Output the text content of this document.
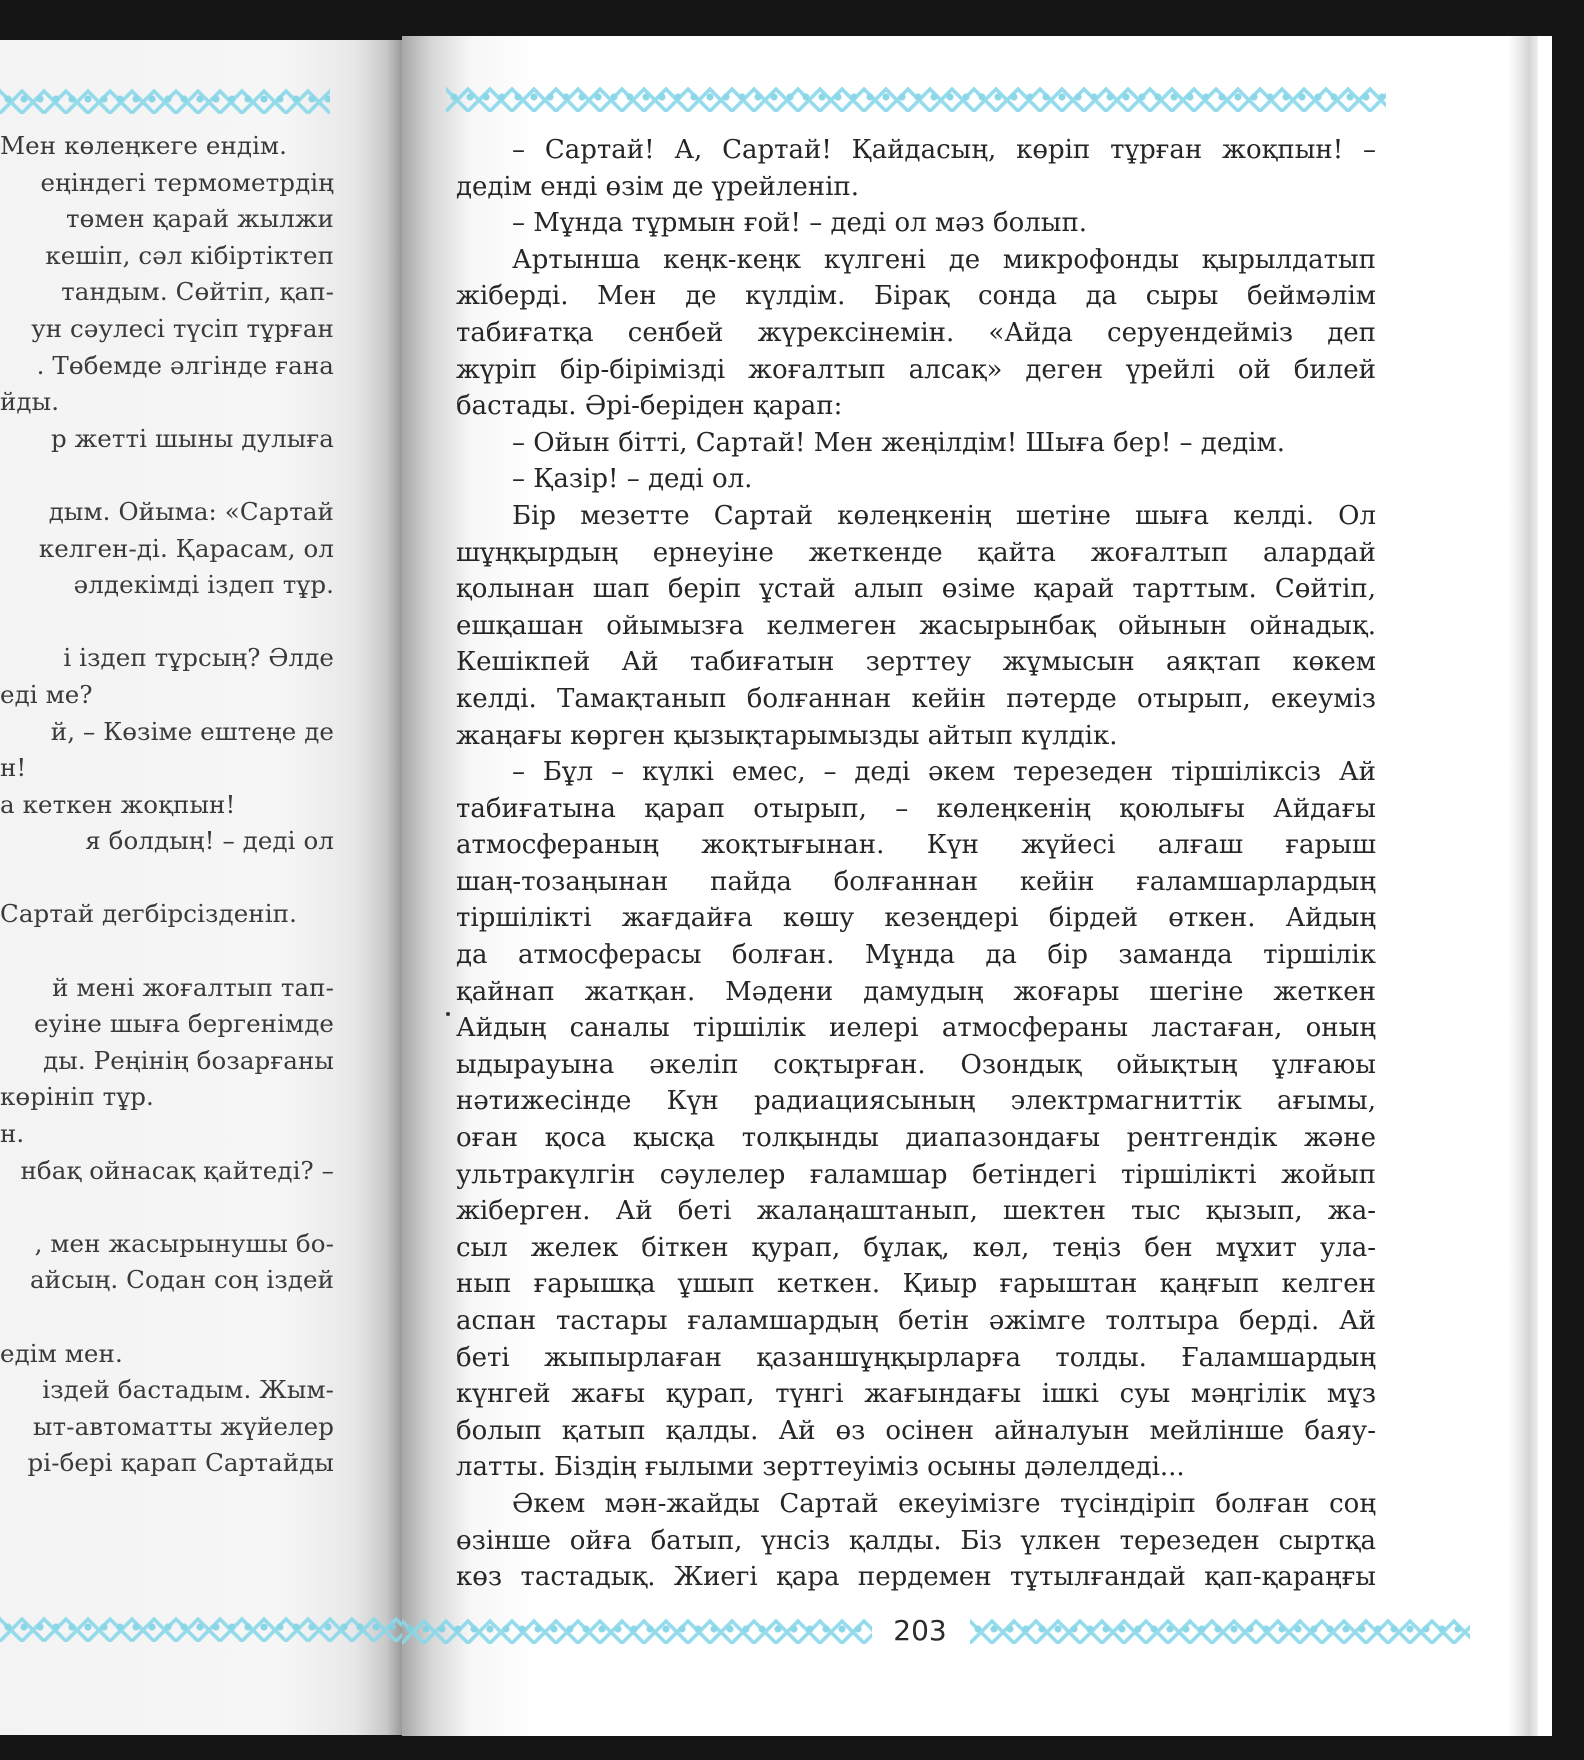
Мен көлеңкеге ендім.
еңіндегі термометрдің
төмен қарай жылжи
кешіп, сәл кібіртіктеп
тандым. Сөйтіп, қап-
ун сәулесі түсіп тұрған
. Төбемде әлгінде ғана
йды.
р жетті шыны дулыға
дым. Ойыма: «Сартай
келген-ді. Қарасам, ол
әлдекімді іздеп тұр.
і іздеп тұрсың? Әлде
еді ме?
й, – Көзіме ештеңе де
н!
а кеткен жоқпын!
я болдың! – деді ол
Сартай дегбірсізденіп.
й мені жоғалтып тап-
еуіне шыға бергенімде
ды. Реңінің бозарғаны
көрініп тұр.
н.
нбақ ойнасақ қайтеді? –
, мен жасырынушы бо-
айсың. Содан соң іздей
едім мен.
іздей бастадым. Жым-
ыт-автоматты жүйелер
рі-бері қарап Сартайды
– Сартай! А, Сартай! Қайдасың, көріп тұрған жоқпын! –
дедім енді өзім де үрейленіп.
– Мұнда тұрмын ғой! – деді ол мәз болып.
Артынша кеңк-кеңк күлгені де микрофонды қырылдатып
жіберді. Мен де күлдім. Бірақ сонда да сыры беймәлім
табиғатқа сенбей жүрексінемін. «Айда серуендейміз деп
жүріп бір-бірімізді жоғалтып алсақ» деген үрейлі ой билей
бастады. Әрі-беріден қарап:
– Ойын бітті, Сартай! Мен жеңілдім! Шыға бер! – дедім.
– Қазір! – деді ол.
Бір мезетте Сартай көлеңкенің шетіне шыға келді. Ол
шұңқырдың ернеуіне жеткенде қайта жоғалтып алардай
қолынан шап беріп ұстай алып өзіме қарай тарттым. Сөйтіп,
ешқашан ойымызға келмеген жасырынбақ ойынын ойнадық.
Кешікпей Ай табиғатын зерттеу жұмысын аяқтап көкем
келді. Тамақтанып болғаннан кейін пәтерде отырып, екеуміз
жаңағы көрген қызықтарымызды айтып күлдік.
– Бұл – күлкі емес, – деді әкем терезеден тіршіліксіз Ай
табиғатына қарап отырып, – көлеңкенің қоюлығы Айдағы
атмосфераның жоқтығынан. Күн жүйесі алғаш ғарыш
шаң-тозаңынан пайда болғаннан кейін ғаламшарлардың
тіршілікті жағдайға көшу кезеңдері бірдей өткен. Айдың
да атмосферасы болған. Мұнда да бір заманда тіршілік
қайнап жатқан. Мәдени дамудың жоғары шегіне жеткен
Айдың саналы тіршілік иелері атмосфераны ластаған, оның
ыдырауына әкеліп соқтырған. Озондық ойықтың ұлғаюы
нәтижесінде Күн радиациясының электрмагниттік ағымы,
оған қоса қысқа толқынды диапазондағы рентгендік және
ультракүлгін сәулелер ғаламшар бетіндегі тіршілікті жойып
жіберген. Ай беті жалаңаштанып, шектен тыс қызып, жа-
сыл желек біткен қурап, бұлақ, көл, теңіз бен мұхит ула-
нып ғарышқа ұшып кеткен. Қиыр ғарыштан қаңғып келген
аспан тастары ғаламшардың бетін әжімге толтыра берді. Ай
беті жыпырлаған қазаншұңқырларға толды. Ғаламшардың
күнгей жағы қурап, түнгі жағындағы ішкі суы мәңгілік мұз
болып қатып қалды. Ай өз осінен айналуын мейлінше баяу-
латты. Біздің ғылыми зерттеуіміз осыны дәлелдеді...
Әкем мән-жайды Сартай екеуімізге түсіндіріп болған соң
өзінше ойға батып, үнсіз қалды. Біз үлкен терезеден сыртқа
көз тастадық. Жиегі қара пердемен тұтылғандай қап-қараңғы
203
